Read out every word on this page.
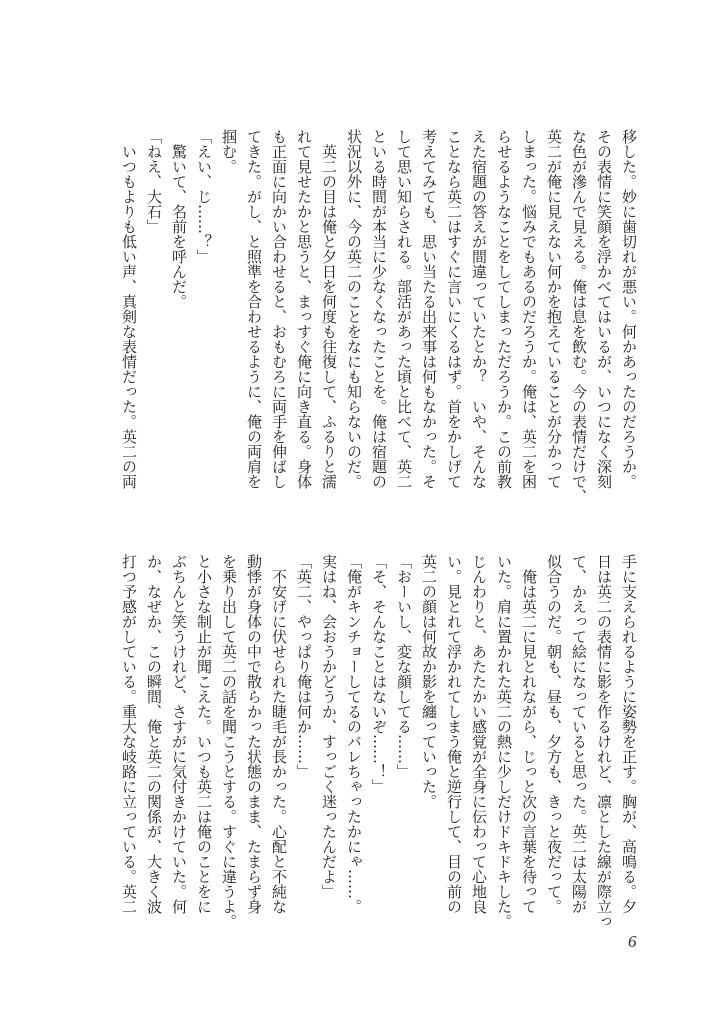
移した。妙に歯切れが悪い。何かあったのだろうか。
その表情に笑顔を浮かべてはいるが、いつになく深刻
な色が滲んで見える。俺は息を飲む。今の表情だけで、
英二が俺に見えない何かを抱えていることが分かって
しまった。悩みでもあるのだろうか。俺は、英二を困
らせるようなことをしてしまっただろうか。この前教
えた宿題の答えが間違っていたとか？　いや、そんな
ことなら英二はすぐに言いにくるはず。首をかしげて
考えてみても、思い当たる出来事は何もなかった。そ
して思い知らされる。部活があった頃と比べて、英二
といる時間が本当に少なくなったことを。俺は宿題の
状況以外に、今の英二のことをなにも知らないのだ。
　英二の目は俺と夕日を何度も往復して、ふるりと濡
れて見せたかと思うと、まっすぐ俺に向き直る。身体
も正面に向かい合わせると、おもむろに両手を伸ばし
てきた。がし、と照準を合わせるように、俺の両肩を
掴む。
「えい、じ……？」
　驚いて、名前を呼んだ。
「ねえ、大石」
　いつもよりも低い声、真剣な表情だった。英二の両
手に支えられるように姿勢を正す。胸が、高鳴る。夕
日は英二の表情に影を作るけれど、凛とした線が際立っ
て、かえって絵になっていると思った。英二は太陽が
似合うのだ。朝も、昼も、夕方も、きっと夜だって。
　俺は英二に見とれながら、じっと次の言葉を待って
いた。肩に置かれた英二の熱に少しだけドキドキした。
じんわりと、あたたかい感覚が全身に伝わって心地良
い。見とれて浮かれてしまう俺と逆行して、目の前の
英二の顔は何故か影を纏っていった。
「おーいし、変な顔してる……」
「そ、そんなことはないぞ……！」
「俺がキンチョーしてるのバレちゃったかにゃ……。
実はね、会おうかどうか、すっごく迷ったんだよ」
「英二、やっぱり俺は何か……」
　不安げに伏せられた睫毛が長かった。心配と不純な
動悸が身体の中で散らかった状態のまま、たまらず身
を乗り出して英二の話を聞こうとする。すぐに違うよ。
と小さな制止が聞こえた。いつも英二は俺のことをに
ぶちんと笑うけれど、さすがに気付きかけていた。何
か、なぜか、この瞬間、俺と英二の関係が、大きく波
打つ予感がしている。重大な岐路に立っている。英二
6
